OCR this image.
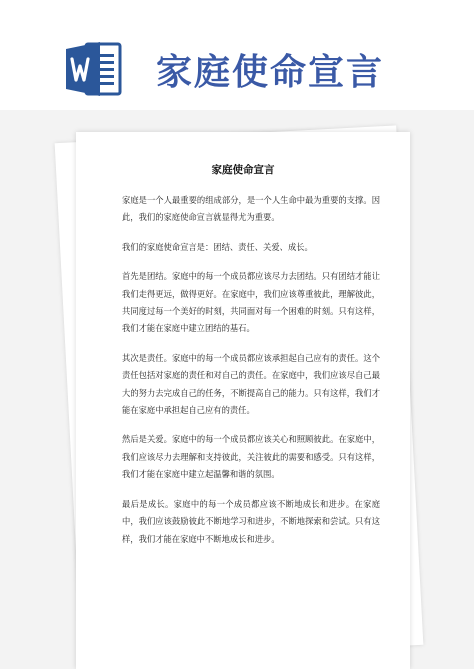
家庭使命宣言
家庭使命宣言

家庭是一个人最重要的组成部分，是一个人生命中最为重要的支撑。因此，我们的家庭使命宣言就显得尤为重要。

我们的家庭使命宣言是：团结、责任、关爱、成长。

首先是团结。家庭中的每一个成员都应该尽力去团结。只有团结才能让我们走得更远，做得更好。在家庭中，我们应该尊重彼此，理解彼此，共同度过每一个美好的时刻，共同面对每一个困难的时刻。只有这样，我们才能在家庭中建立团结的基石。

其次是责任。家庭中的每一个成员都应该承担起自己应有的责任。这个责任包括对家庭的责任和对自己的责任。在家庭中，我们应该尽自己最大的努力去完成自己的任务，不断提高自己的能力。只有这样，我们才能在家庭中承担起自己应有的责任。

然后是关爱。家庭中的每一个成员都应该关心和照顾彼此。在家庭中，我们应该尽力去理解和支持彼此，关注彼此的需要和感受。只有这样，我们才能在家庭中建立起温馨和谐的氛围。

最后是成长。家庭中的每一个成员都应该不断地成长和进步。在家庭中，我们应该鼓励彼此不断地学习和进步，不断地探索和尝试。只有这样，我们才能在家庭中不断地成长和进步。
